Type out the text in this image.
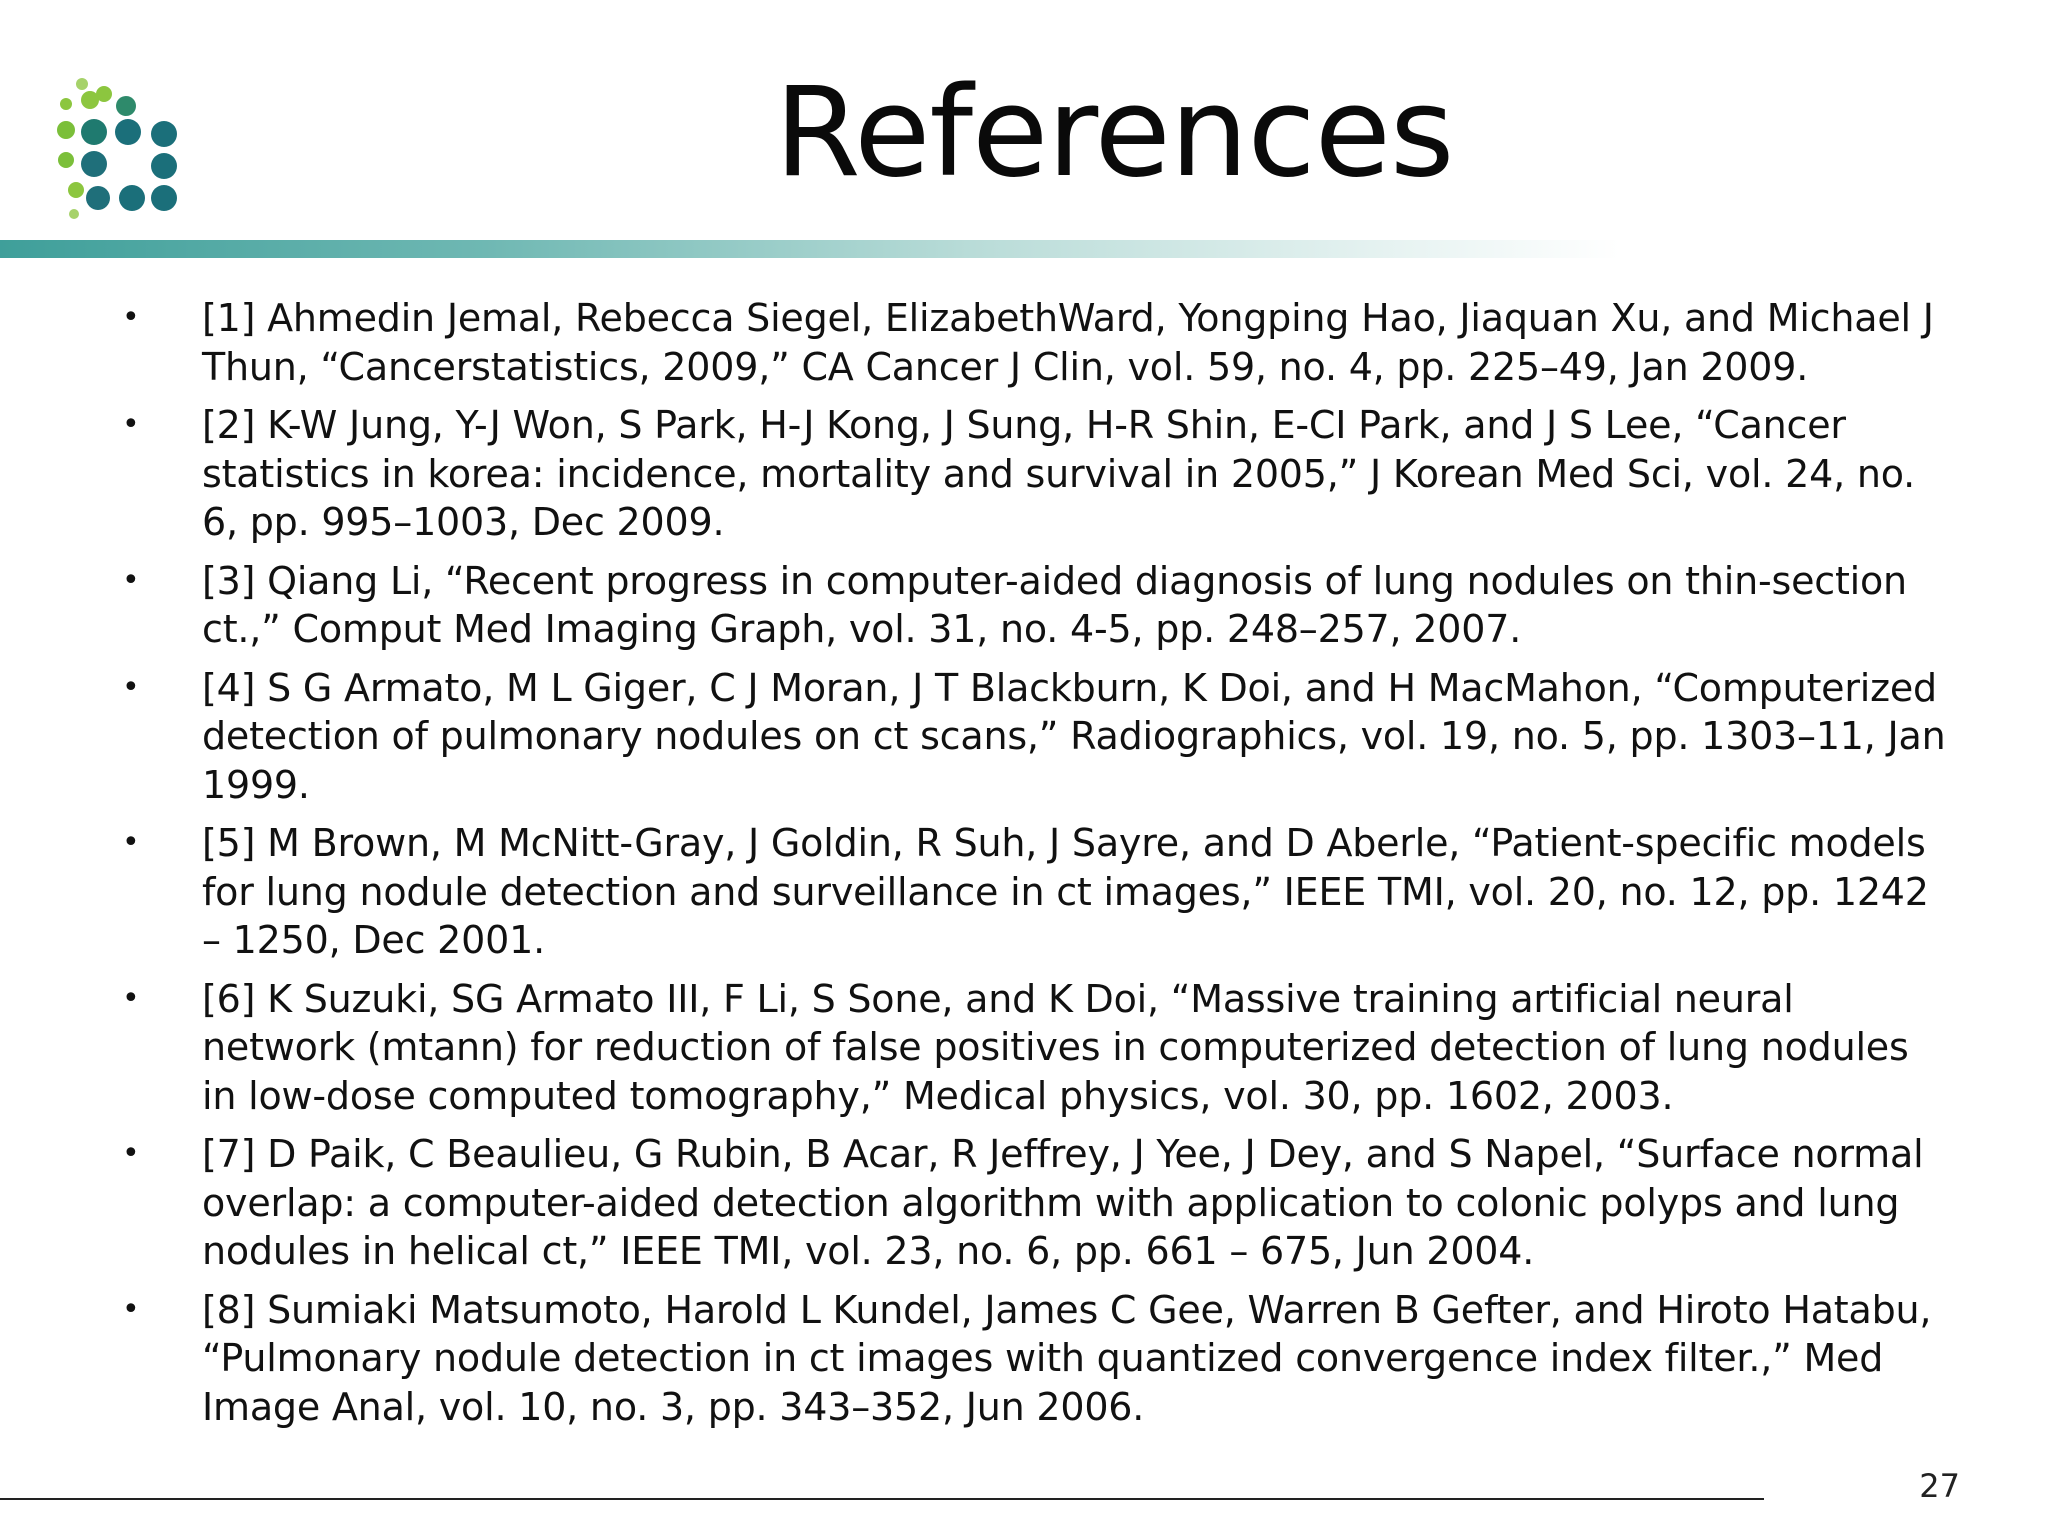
References
• [1] Ahmedin Jemal, Rebecca Siegel, ElizabethWard, Yongping Hao, Jiaquan Xu, and Michael J Thun, “Cancerstatistics, 2009,” CA Cancer J Clin, vol. 59, no. 4, pp. 225–49, Jan 2009.
• [2] K-W Jung, Y-J Won, S Park, H-J Kong, J Sung, H-R Shin, E-CI Park, and J S Lee, “Cancer statistics in korea: incidence, mortality and survival in 2005,” J Korean Med Sci, vol. 24, no. 6, pp. 995–1003, Dec 2009.
• [3] Qiang Li, “Recent progress in computer-aided diagnosis of lung nodules on thin-section ct.,” Comput Med Imaging Graph, vol. 31, no. 4-5, pp. 248–257, 2007.
• [4] S G Armato, M L Giger, C J Moran, J T Blackburn, K Doi, and H MacMahon, “Computerized detection of pulmonary nodules on ct scans,” Radiographics, vol. 19, no. 5, pp. 1303–11, Jan 1999.
• [5] M Brown, M McNitt-Gray, J Goldin, R Suh, J Sayre, and D Aberle, “Patient-specific models for lung nodule detection and surveillance in ct images,” IEEE TMI, vol. 20, no. 12, pp. 1242 – 1250, Dec 2001.
• [6] K Suzuki, SG Armato III, F Li, S Sone, and K Doi, “Massive training artificial neural network (mtann) for reduction of false positives in computerized detection of lung nodules in low-dose computed tomography,” Medical physics, vol. 30, pp. 1602, 2003.
• [7] D Paik, C Beaulieu, G Rubin, B Acar, R Jeffrey, J Yee, J Dey, and S Napel, “Surface normal overlap: a computer-aided detection algorithm with application to colonic polyps and lung nodules in helical ct,” IEEE TMI, vol. 23, no. 6, pp. 661 – 675, Jun 2004.
• [8] Sumiaki Matsumoto, Harold L Kundel, James C Gee, Warren B Gefter, and Hiroto Hatabu, “Pulmonary nodule detection in ct images with quantized convergence index filter.,” Med Image Anal, vol. 10, no. 3, pp. 343–352, Jun 2006.
27
